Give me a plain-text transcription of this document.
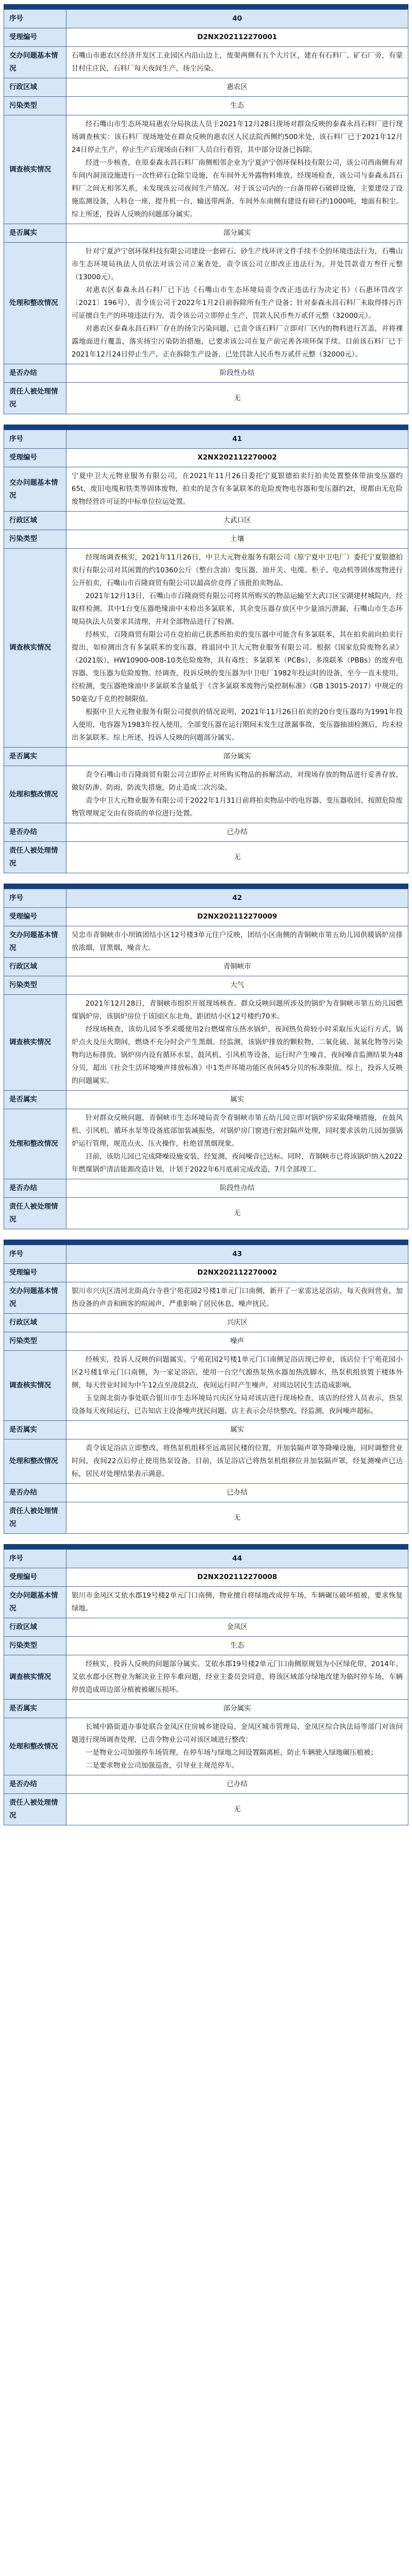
序号	40
受理编号	D2NX202112270001
交办问题基本情况	石嘴山市惠农区经济开发区工业园区内沿山边上，废渠两侧有五个大片区，建在有石料厂、矿石厂旁，有蒙甘村庄庄民，石料厂每天夜间生产，扬尘污染。
行政区域	惠农区
污染类型	生态
调查核实情况	经石嘴山市生态环境局惠农分局执法人员于2021年12月28日现场对群众反映的泰森永昌石料厂进行现场调查核实：该石料厂现场地处在群众反映的惠农区人民法院西侧约500米处，该石料厂已于2021年12月24日停止生产，停止生产后现场由石料厂人员自行看管，其中部分设备已拆除。

经进一步核查，在原泰森永昌石料厂南侧相邻企业为宁夏泸宁创环保科技有限公司，该公司西南侧有对车间内洞顶设施进行一次性碎石仓除尘设施，在车间外无外露物料堆放，经现场检查，该公司与泰森永昌石料厂之间无相邻关系，未发现该公司夜间生产情况。对于该公司内的一台备用碎石破碎设施，主要建设了设施监测设备，人料仓一座，提升机一台，输送带两条，车间外东南侧有建设有碎石约1000吨，地面有积尘。综上所述，投诉人反映的问题部分属实。

是否属实	部分属实
处理和整改情况	针对宁夏泸宁创环保科技有限公司建设一套碎石、砂生产线环评文件手续不全的环境违法行为，石嘴山市生态环境局执法人员依法对该公司立案查处，责令该公司立即改正违法行为，并处罚款壹万叁仟元整（13000元）。

对惠农区泰森永昌石料厂已下达《石嘴山市生态环境局责令改正违法行为决定书》（石惠环罚改字〔2021〕196号），责令该公司于2022年1月2日前拆除所有生产设备；针对泰森永昌石料厂未取得排污许可证擅自生产的环境违法行为，责令该公司立即停止生产，罚款人民币叁万贰仟元整（32000元）。

对惠农区泰森永昌石料厂存在的扬尘污染问题，已责令该石料厂立即对厂区内的物料进行苫盖，并将裸露地面进行覆盖，落实扬尘污染防治措施，已要求该公司在复产前完善各项环保手续。目前该石料厂已于2021年12月24日停止生产，正在拆除生产设备，已处罚款人民币叁万贰仟元整（32000元）。

是否办结	阶段性办结
责任人被处理情况	无
序号	41
受理编号	X2NX202112270002
交办问题基本情况	宁夏中卫大元物业服务有限公司，在2021年11月26日委托宁夏银德拍卖行拍卖处置整体带油变压器约65t，废旧电缆和铁类等固体废物，拍卖的是含有多氯联苯的危险废物电容器和变压器约2t，现都由无危险废物经营许可证的中标单位拉运处置。
行政区域	大武口区
污染类型	土壤
调查核实情况	经现场调查核实，2021年11月26日，中卫大元物业服务有限公司（原宁夏中卫电厂）委托宁夏银德拍卖行有限公司对其闲置的约10360公斤（整台含油）变压器、油开关、电缆、柜子、电动机等固体废物进行公开拍卖，石嘴山市百隆商贸有限公司以最高价竞得了该批拍卖物品。

2021年12月13日，石嘴山市百隆商贸有限公司将其所购买的物品运输至大武口区宝湖建材城院内，经取样检测，其中1台变压器绝缘油中未检出多氯联苯，其余变压器存放区中少量油污泄漏，石嘴山市生态环境局执法人员要求其清理，并对全部物品进行了检测。

经核实，百隆商贸有限公司在竞拍前已获悉所拍卖的变压器中可能含有多氯联苯，其在拍卖前向拍卖行提出，如检测出含有多氯联苯的变压器，将退回中卫大元物业服务有限公司。根据《国家危险废物名录》（2021版），HW10900-008-10类危险废物，具有毒性；多氯联苯（PCBs），多溴联苯（PBBs）的废弃电容器、变压器为危险废物。经调查，投诉反映的变压器为中卫电厂1982年投运时的设备，至今一直未使用，经检测，变压器绝缘油中多氯联苯含量低于《含多氯联苯废物污染控制标准》（GB 13015-2017）中规定的50毫克/千克的控制限值。

根据中卫大元物业服务有限公司提供的情况说明，2021年11月26日拍卖的20台变压器均为1991年投入使用，电容器为1983年投入使用，全部变压器在运行期间未发生过泄漏事故，变压器抽油检测后，均未检出多氯联苯。综上所述，投诉人反映的问题部分属实。

是否属实	部分属实
处理和整改情况	责令石嘴山市百隆商贸有限公司立即停止对所购买物品的拆解活动，对现场存放的物品进行妥善存放，做好防渗、防雨、防流失措施，防止造成二次污染。

责令中卫大元物业服务有限公司于2022年1月31日前将拍卖物品中的电容器、变压器收回，按照危险废物管理规定交由有资质的单位进行处置。

是否办结	已办结
责任人被处理情况	无
序号	42
受理编号	D2NX202112270009
交办问题基本情况	吴忠市青铜峡市小坝镇团结小区12号楼3单元住户反映，团结小区南侧的青铜峡市第五幼儿园供暖锅炉房排放浓烟，冒黑烟，噪音大。
行政区域	青铜峡市
污染类型	大气
调查核实情况	2021年12月28日，青铜峡市组织开展现场核查。群众反映问题所涉及的锅炉为青铜峡市第五幼儿园燃煤锅炉房，该锅炉房位于该园区东北角，距团结小区12号楼约70米。

经现场核查，该幼儿园冬季采暖使用2台燃煤常压热水锅炉，夜间热负荷较小时采取压火运行方式，锅炉点火及压火期间，燃烧不充分时会产生黑烟。经监测，该锅炉排放的颗粒物、二氧化硫、氮氧化物等污染物均达标排放。锅炉房内设有循环水泵、鼓风机、引风机等设备，运行时产生噪音，夜间噪音监测结果为48分贝，超出《社会生活环境噪声排放标准》中1类声环境功能区夜间45分贝的标准限值。综上，投诉人反映的问题属实。

是否属实	属实
处理和整改情况	针对群众反映问题，青铜峡市生态环境局责令青铜峡市第五幼儿园立即对锅炉房采取降噪措施，在鼓风机、引风机、循环水泵等设备底部加装减振垫，对锅炉房门窗进行密封隔声处理，同时要求该幼儿园加强锅炉运行管理，规范点火、压火操作，杜绝冒黑烟现象。

目前，该幼儿园已完成降噪设施安装，经复测，夜间噪音已达标。同时，青铜峡市已将该锅炉纳入2022年燃煤锅炉清洁能源改造计划，计划于2022年6月底前完成改造，7月全部竣工。

是否办结	阶段性办结
责任人被处理情况	无
序号	43
受理编号	D2NX202112270002
交办问题基本情况	银川市兴庆区清河北街高台寺巷宁苑花园2号楼1单元门口南侧，新开了一家雷达足浴店，每天夜间营业，加热设备的声音和顾客的喧闹声，严重影响了居民休息，噪声扰民。
行政区域	兴庆区
污染类型	噪声
调查核实情况	经核实，投诉人反映的问题属实。宁苑花园2号楼1单元门口南侧足浴店现已停业，该店位于宁苑花园小区2号楼1单元门口南侧，为一家足浴店，使用一台空气源热泵热水器加热洗脚水，热泵机组放置于楼体外侧，每天营业时间为中午12点至凌晨2点，夜间运行时产生噪声，对周边居民生活造成影响。

玉皇阁北街办事处联合银川市生态环境局兴庆区分局对该店进行现场检查，该店的经营人员表示，热泵设备每天夜间运行，已告知店主设备噪声扰民问题，店主表示会尽快整改。经监测，夜间噪声超标。

是否属实	属实
处理和整改情况	责令该足浴店立即整改，将热泵机组移至远离居民楼的位置，并加装隔声罩等降噪设施，同时调整营业时间，夜间22点后停止使用热泵设备。目前，该足浴店已将热泵机组移位并加装隔声罩，经复测噪声已达标，居民对处理结果表示满意。

是否办结	已办结
责任人被处理情况	无
序号	44
受理编号	D2NX202112270008
交办问题基本情况	银川市金凤区艾依水郡19号楼2单元门口南侧，物业擅自将绿地改成停车场，车辆碾压破坏植被，要求恢复绿地。
行政区域	金凤区
污染类型	生态
调查核实情况	经核实，投诉人反映的问题部分属实。艾依水郡19号楼2单元门口南侧原规划为小区绿化带，2014年，艾依水郡小区物业为解决业主停车难问题，经业主委员会同意，将该区域部分绿地改建为临时停车场，车辆停放造成周边部分植被被碾压损坏。

是否属实	部分属实
处理和整改情况	长城中路街道办事处联合金凤区住房城乡建设局、金凤区城市管理局、金凤区综合执法局等部门对该问题进行现场调查处理，已责令物业公司对该区域进行整改：

一是物业公司加强停车场管理，在停车场与绿地之间设置隔离桩，防止车辆驶入绿地碾压植被；

二是要求物业公司加强巡查，引导业主规范停车。

是否办结	已办结
责任人被处理情况	无
